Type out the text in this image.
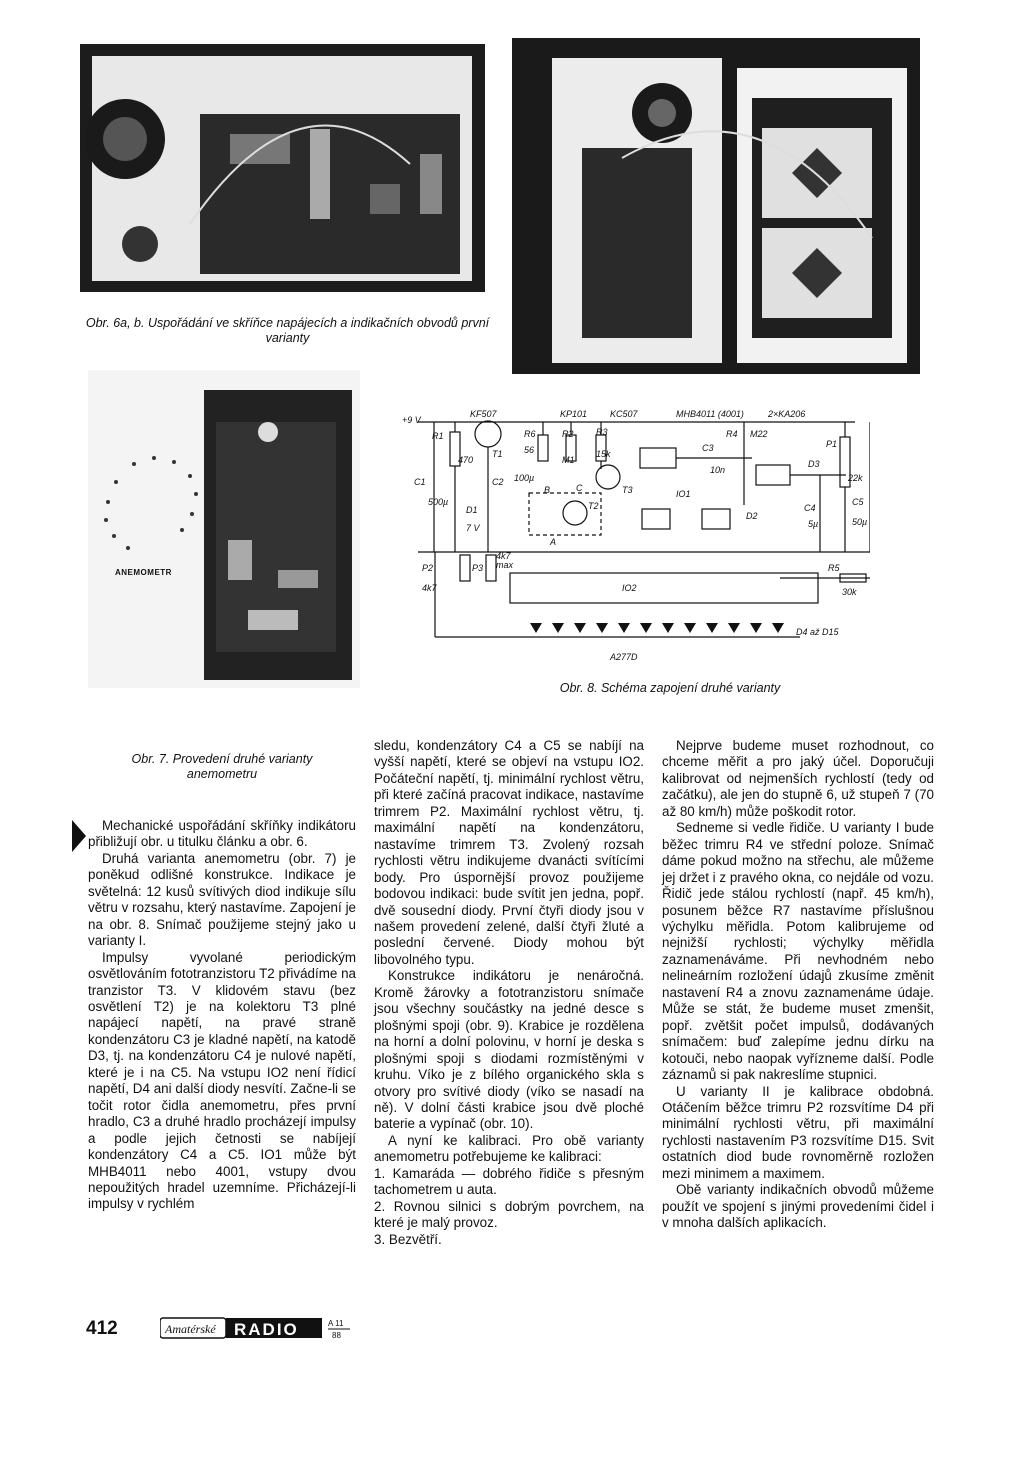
Obr. 6a, b. Uspořádání ve skříňce napájecích a indikačních obvodů první varianty
ANEMOMETR
+9 V
KF507	KP101	KC507	MHB4011 (4001)	2×KA206
R1
470
T1
R6
56
R2
M1
R3
15k
C3
10n
R4 M22
P1
22k
C1
500µ
C2 100µ
D1
7 V
T2
T3	IO1
D3
D2
C4
5µ
C5
50µ
P2	P3
4k7
4k7
max
IO2
R5
30k
D4 až D15
A277D
A
B	C
Obr. 8. Schéma zapojení druhé varianty
Obr. 7. Provedení druhé varianty anemometru

Mechanické uspořádání skříňky indikátoru přibližují obr. u titulku článku a obr. 6.

Druhá varianta anemometru (obr. 7) je poněkud odlišné konstrukce. Indikace je světelná: 12 kusů svítivých diod indikuje sílu větru v rozsahu, který nastavíme. Zapojení je na obr. 8. Snímač použijeme stejný jako u varianty I.

Impulsy vyvolané periodickým osvětlováním fototranzistoru T2 přivádíme na tranzistor T3. V klidovém stavu (bez osvětlení T2) je na kolektoru T3 plné napájecí napětí, na pravé straně kondenzátoru C3 je kladné napětí, na katodě D3, tj. na kondenzátoru C4 je nulové napětí, které je i na C5. Na vstupu IO2 není řídicí napětí, D4 ani další diody nesvítí. Začne-li se točit rotor čidla anemometru, přes první hradlo, C3 a druhé hradlo procházejí impulsy a podle jejich četnosti se nabíjejí kondenzátory C4 a C5. IO1 může být MHB4011 nebo 4001, vstupy dvou nepoužitých hradel uzemníme. Přicházejí-li impulsy v rychlém

sledu, kondenzátory C4 a C5 se nabíjí na vyšší napětí, které se objeví na vstupu IO2. Počáteční napětí, tj. minimální rychlost větru, při které začíná pracovat indikace, nastavíme trimrem P2. Maximální rychlost větru, tj. maximální napětí na kondenzátoru, nastavíme trimrem T3. Zvolený rozsah rychlosti větru indikujeme dvanácti svítícími body. Pro úspornější provoz použijeme bodovou indikaci: bude svítit jen jedna, popř. dvě sousední diody. První čtyři diody jsou v našem provedení zelené, další čtyři žluté a poslední červené. Diody mohou být libovolného typu.

Konstrukce indikátoru je nenáročná. Kromě žárovky a fototranzistoru snímače jsou všechny součástky na jedné desce s plošnými spoji (obr. 9). Krabice je rozdělena na horní a dolní polovinu, v horní je deska s plošnými spoji s diodami rozmístěnými v kruhu. Víko je z bílého organického skla s otvory pro svítivé diody (víko se nasadí na ně). V dolní části krabice jsou dvě ploché baterie a vypínač (obr. 10).

A nyní ke kalibraci. Pro obě varianty anemometru potřebujeme ke kalibraci:

1. Kamaráda — dobrého řidiče s přesným tachometrem u auta.

2. Rovnou silnici s dobrým povrchem, na které je malý provoz.

3. Bezvětří.

Nejprve budeme muset rozhodnout, co chceme měřit a pro jaký účel. Doporučuji kalibrovat od nejmenších rychlostí (tedy od začátku), ale jen do stupně 6, už stupeň 7 (70 až 80 km/h) může poškodit rotor.

Sedneme si vedle řidiče. U varianty I bude běžec trimru R4 ve střední poloze. Snímač dáme pokud možno na střechu, ale můžeme jej držet i z pravého okna, co nejdále od vozu. Řidič jede stálou rychlostí (např. 45 km/h), posunem běžce R7 nastavíme příslušnou výchylku měřidla. Potom kalibrujeme od nejnižší rychlosti; výchylky měřidla zaznamenáváme. Při nevhodném nebo nelineárním rozložení údajů zkusíme změnit nastavení R4 a znovu zaznamenáme údaje. Může se stát, že budeme muset zmenšit, popř. zvětšit počet impulsů, dodávaných snímačem: buď zalepíme jednu dírku na kotouči, nebo naopak vyřízneme další. Podle záznamů si pak nakreslíme stupnici.

U varianty II je kalibrace obdobná. Otáčením běžce trimru P2 rozsvítíme D4 při minimální rychlosti větru, při maximální rychlosti nastavením P3 rozsvítíme D15. Svit ostatních diod bude rovnoměrně rozložen mezi minimem a maximem.

Obě varianty indikačních obvodů můžeme použít ve spojení s jinými provedeními čidel i v mnoha dalších aplikacích.

412	Amatérské RADIO	A 11
88
